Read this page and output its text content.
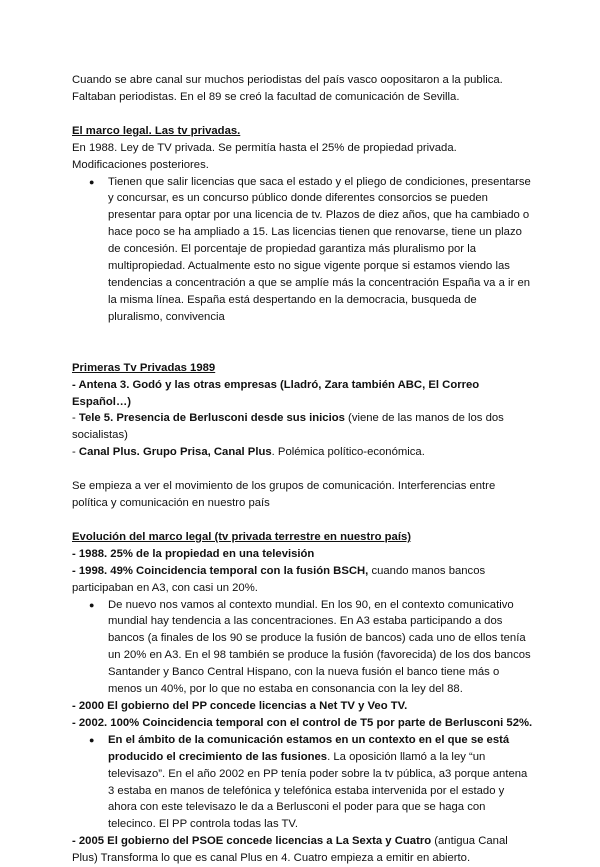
Cuando se abre canal sur muchos periodistas del país vasco oopositaron a la publica.

Faltaban periodistas. En el 89 se creó la facultad de comunicación de Sevilla.

El marco legal. Las tv privadas.

En 1988. Ley de TV privada. Se permitía hasta el 25% de propiedad privada. Modificaciones posteriores.

● Tienen que salir licencias que saca el estado y el pliego de condiciones, presentarse y concursar, es un concurso público donde diferentes consorcios se pueden presentar para optar por una licencia de tv. Plazos de diez años, que ha cambiado o hace poco se ha ampliado a 15. Las licencias tienen que renovarse, tiene un plazo de concesión. El porcentaje de propiedad garantiza más pluralismo por la multipropiedad. Actualmente esto no sigue vigente porque si estamos viendo las tendencias a concentración a que se amplíe más la concentración España va a ir en la misma línea. España está despertando en la democracia, busqueda de pluralismo, convivencia
Primeras Tv Privadas 1989

- Antena 3. Godó y las otras empresas (Lladró, Zara también ABC, El Correo Español…)

- Tele 5. Presencia de Berlusconi desde sus inicios (viene de las manos de los dos socialistas)

- Canal Plus. Grupo Prisa, Canal Plus. Polémica político-económica.

Se empieza a ver el movimiento de los grupos de comunicación. Interferencias entre política y comunicación en nuestro país

Evolución del marco legal (tv privada terrestre en nuestro país)

- 1988. 25% de la propiedad en una televisión

- 1998. 49% Coincidencia temporal con la fusión BSCH, cuando manos bancos participaban en A3, con casi un 20%.

● De nuevo nos vamos al contexto mundial. En los 90, en el contexto comunicativo mundial hay tendencia a las concentraciones. En A3 estaba participando a dos bancos (a finales de los 90 se produce la fusión de bancos) cada uno de ellos tenía un 20% en A3. En el 98 también se produce la fusión (favorecida) de los dos bancos Santander y Banco Central Hispano, con la nueva fusión el banco tiene más o menos un 40%, por lo que no estaba en consonancia con la ley del 88.

- 2000 El gobierno del PP concede licencias a Net TV y Veo TV.

- 2002. 100% Coincidencia temporal con el control de T5 por parte de Berlusconi 52%.

● En el ámbito de la comunicación estamos en un contexto en el que se está producido el crecimiento de las fusiones. La oposición llamó a la ley “un televisazo”. En el año 2002 en PP tenía poder sobre la tv pública, a3 porque antena 3 estaba en manos de telefónica y telefónica estaba intervenida por el estado y ahora con este televisazo le da a Berlusconi el poder para que se haga con telecinco. El PP controla todas las TV.

- 2005 El gobierno del PSOE concede licencias a La Sexta y Cuatro (antigua Canal Plus) Transforma lo que es canal Plus en 4. Cuatro empieza a emitir en abierto.
